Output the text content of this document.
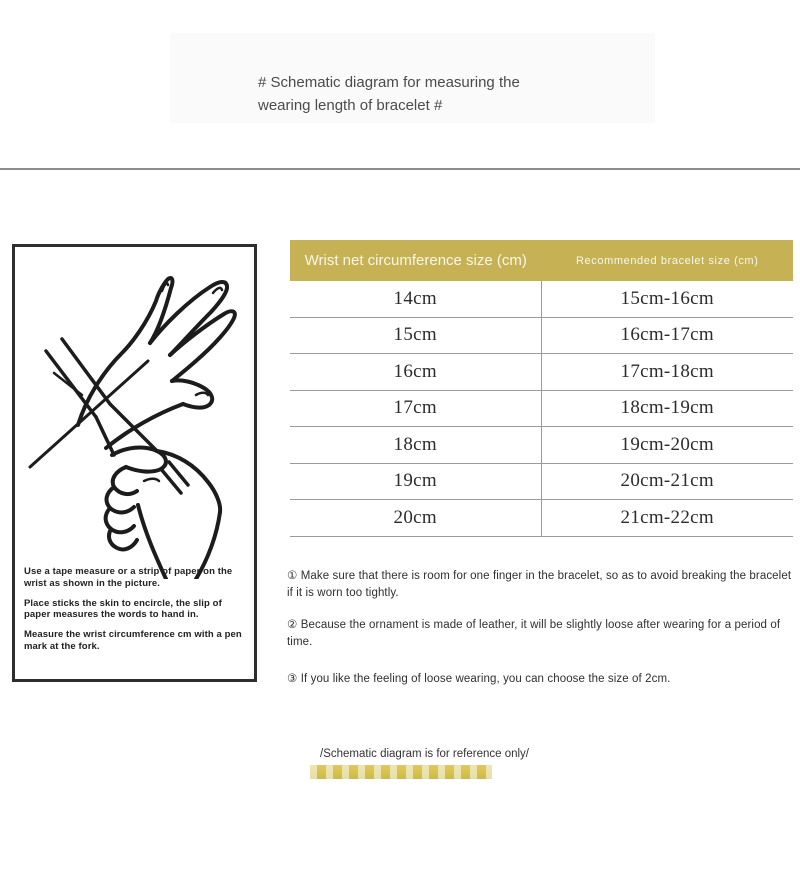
# Schematic diagram for measuring the wearing length of bracelet #

Use a tape measure or a strip of paper on the wrist as shown in the picture.

Place sticks the skin to encircle, the slip of paper measures the words to hand in.

Measure the wrist circumference cm with a pen mark at the fork.

Wrist net circumference size (cm)	Recommended bracelet size (cm)
14cm	15cm-16cm
15cm	16cm-17cm
16cm	17cm-18cm
17cm	18cm-19cm
18cm	19cm-20cm
19cm	20cm-21cm
20cm	21cm-22cm

① Make sure that there is room for one finger in the bracelet, so as to avoid breaking the bracelet if it is worn too tightly.

② Because the ornament is made of leather, it will be slightly loose after wearing for a period of time.

③ If you like the feeling of loose wearing, you can choose the size of 2cm.

/Schematic diagram is for reference only/
